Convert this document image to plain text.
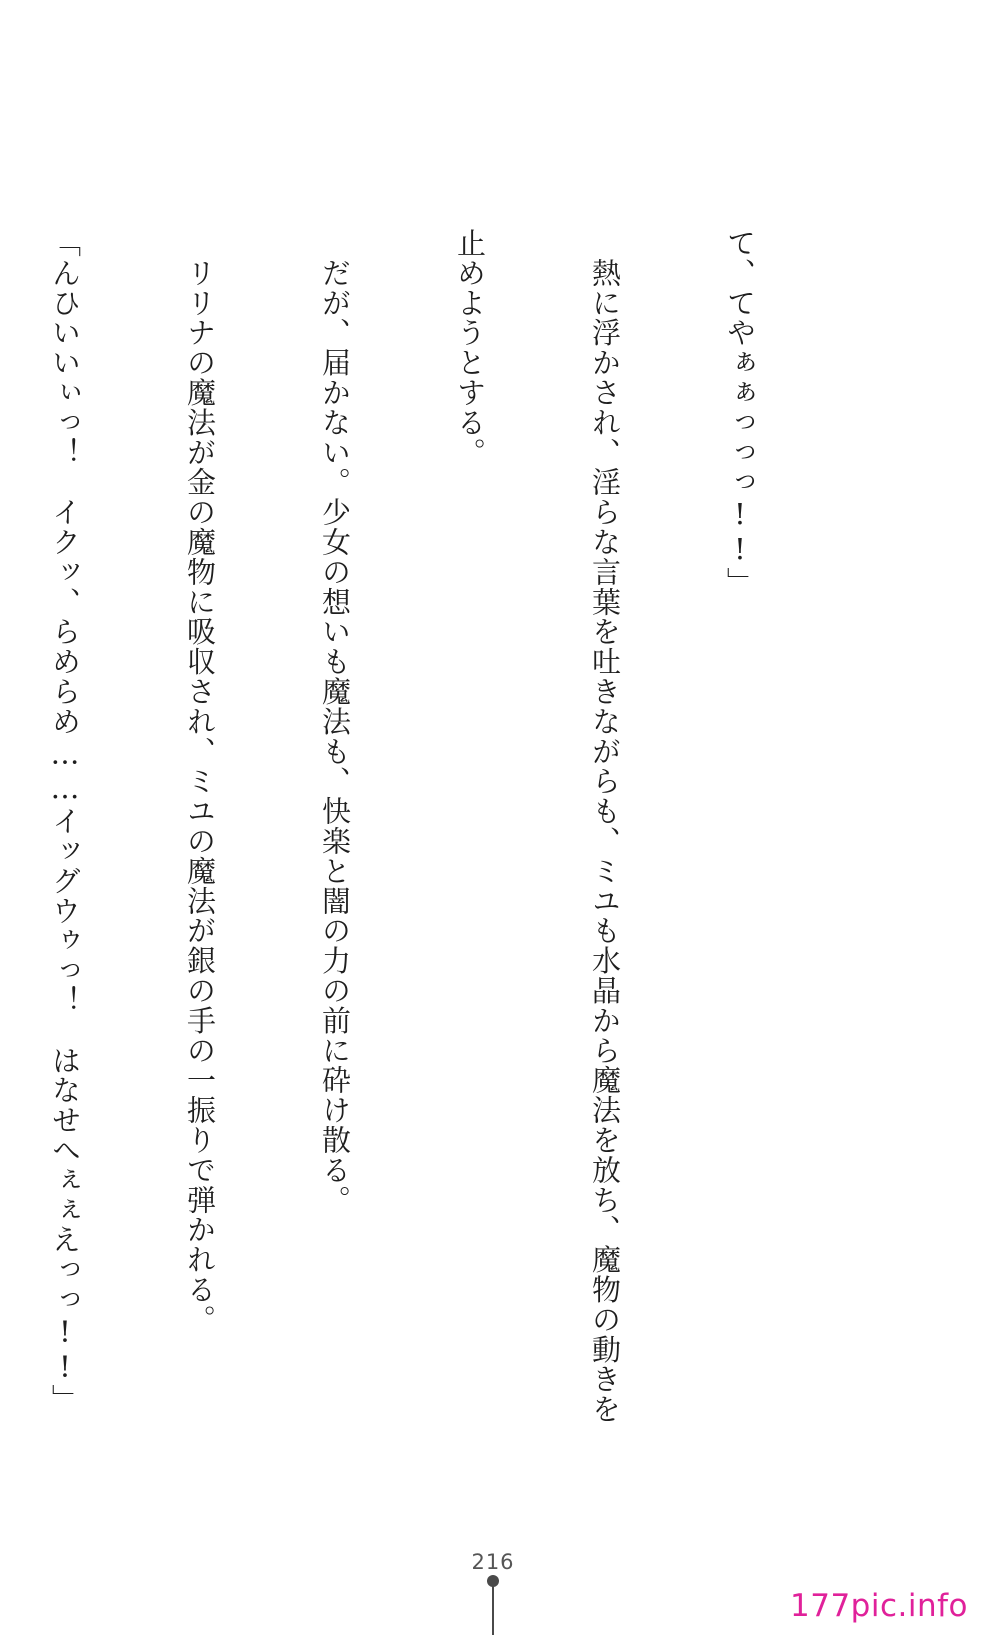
て、てやぁぁっっっ!!」

　熱に浮かされ、淫らな言葉を吐きながらも、ミユも水晶から魔法を放ち、魔物の動きを

止めようとする。

　だが、届かない。少女の想いも魔法も、快楽と闇の力の前に砕け散る。

　リリナの魔法が金の魔物に吸収され、ミユの魔法が銀の手の一振りで弾かれる。

「んひいいぃっ！　イクッ、らめらめ……イッグウゥっ！　はなせへぇぇえっっ!!」

216
177pic.info
